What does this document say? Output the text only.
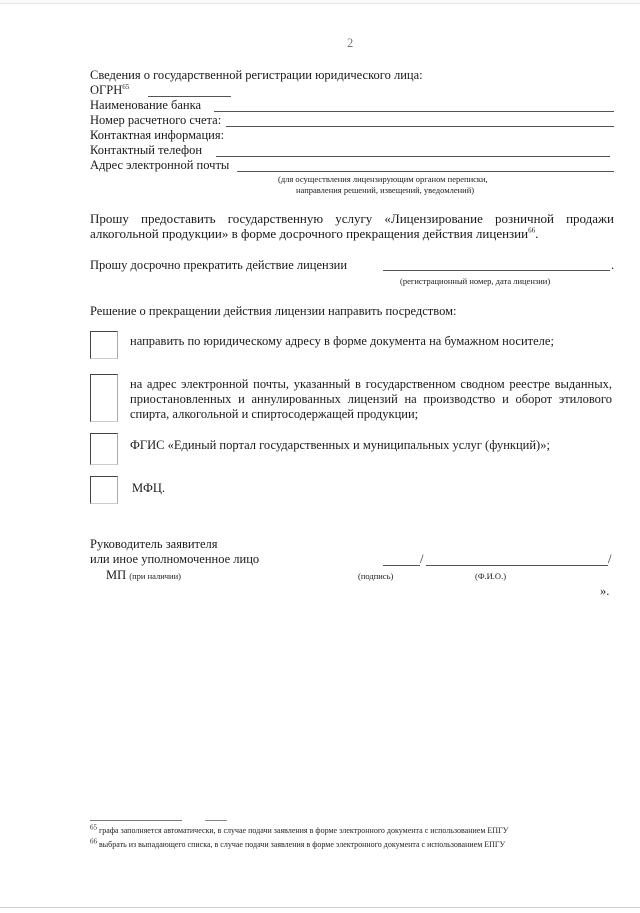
2
Сведения о государственной регистрации юридического лица:
ОГРН$^{65}$
Наименование банка
Номер расчетного счета:
Контактная информация:
Контактный телефон
Адрес электронной почты
(для осуществления лицензирующим органом переписки,
направления решений, извещений, уведомлений)
Прошу предоставить государственную услугу «Лицензирование розничной продажи алкогольной продукции» в форме досрочного прекращения действия лицензии$^{66}$.
Прошу досрочно прекратить действие лицензии	.
(регистрационный номер, дата лицензии)
Решение о прекращении действия лицензии направить посредством:
направить по юридическому адресу в форме документа на бумажном носителе;
на адрес электронной почты, указанный в государственном сводном реестре выданных, приостановленных и аннулированных лицензий на производство и оборот этилового спирта, алкогольной и спиртосодержащей продукции;
ФГИС «Единый портал государственных и муниципальных услуг (функций)»;
МФЦ.
Руководитель заявителя
или иное уполномоченное лицо	/	/
МП (при наличии)	(подпись)	(Ф.И.О.)
».
$^{65}$ графа заполняется автоматически, в случае подачи заявления в форме электронного документа с использованием ЕПГУ
$^{66}$ выбрать из выпадающего списка, в случае подачи заявления в форме электронного документа с использованием ЕПГУ
